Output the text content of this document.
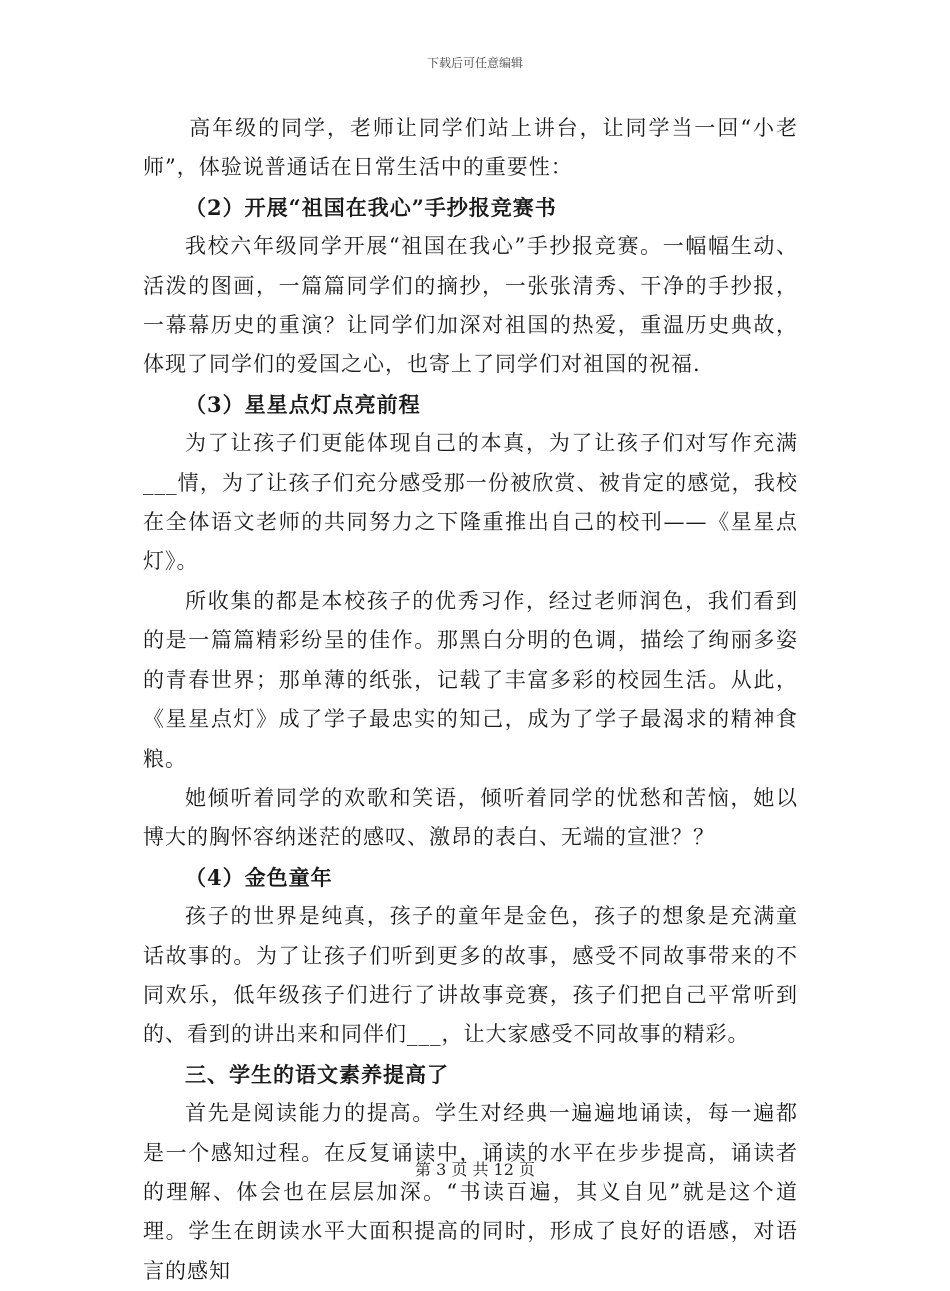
下载后可任意编辑

高年级的同学，老师让同学们站上讲台，让同学当一回“小老师”，体验说普通话在日常生活中的重要性：

（2）开展“祖国在我心”手抄报竞赛书

我校六年级同学开展“祖国在我心”手抄报竞赛。一幅幅生动、活泼的图画，一篇篇同学们的摘抄，一张张清秀、干净的手抄报，一幕幕历史的重演？让同学们加深对祖国的热爱，重温历史典故，体现了同学们的爱国之心，也寄上了同学们对祖国的祝福.

（3）星星点灯点亮前程

为了让孩子们更能体现自己的本真，为了让孩子们对写作充满___情，为了让孩子们充分感受那一份被欣赏、被肯定的感觉，我校在全体语文老师的共同努力之下隆重推出自己的校刊——《星星点灯》。

所收集的都是本校孩子的优秀习作，经过老师润色，我们看到的是一篇篇精彩纷呈的佳作。那黑白分明的色调，描绘了绚丽多姿的青春世界；那单薄的纸张，记载了丰富多彩的校园生活。从此，《星星点灯》成了学子最忠实的知己，成为了学子最渴求的精神食粮。

她倾听着同学的欢歌和笑语，倾听着同学的忧愁和苦恼，她以博大的胸怀容纳迷茫的感叹、激昂的表白、无端的宣泄？？

（4）金色童年

孩子的世界是纯真，孩子的童年是金色，孩子的想象是充满童话故事的。为了让孩子们听到更多的故事，感受不同故事带来的不同欢乐，低年级孩子们进行了讲故事竞赛，孩子们把自己平常听到的、看到的讲出来和同伴们___，让大家感受不同故事的精彩。

三、学生的语文素养提高了

首先是阅读能力的提高。学生对经典一遍遍地诵读，每一遍都是一个感知过程。在反复诵读中，诵读的水平在步步提高，诵读者的理解、体会也在层层加深。“书读百遍，其义自见”就是这个道理。学生在朗读水平大面积提高的同时，形成了良好的语感，对语言的感知

第 3 页 共 12 页
